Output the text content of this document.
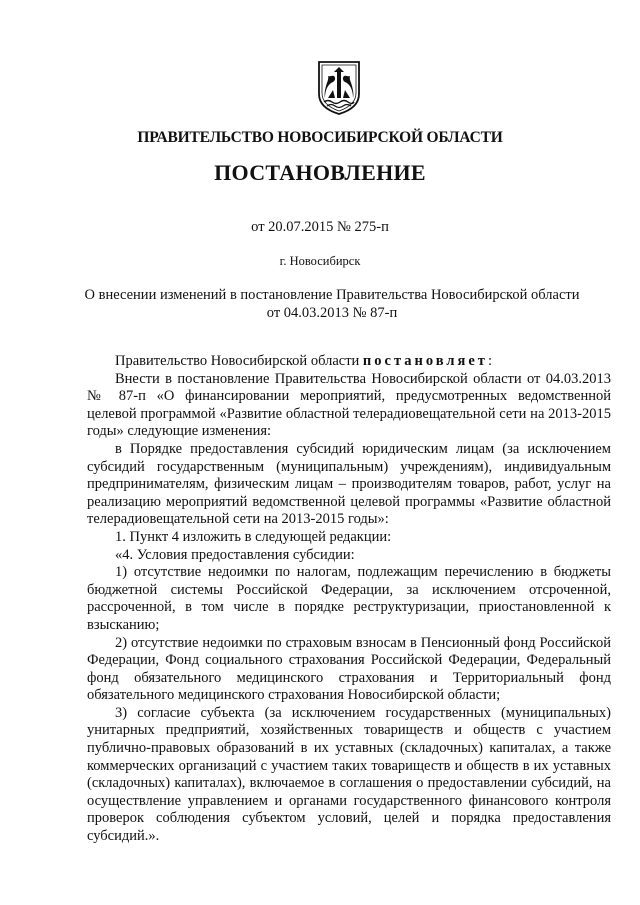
ПРАВИТЕЛЬСТВО НОВОСИБИРСКОЙ ОБЛАСТИ
ПОСТАНОВЛЕНИЕ
от 20.07.2015 № 275-п
г. Новосибирск
О внесении изменений в постановление Правительства Новосибирской области
от 04.03.2013 № 87-п

Правительство Новосибирской области постановляет:

Внести в постановление Правительства Новосибирской области от 04.03.2013 № 87-п «О финансировании мероприятий, предусмотренных ведомственной целевой программой «Развитие областной телерадиовещательной сети на 2013-2015 годы» следующие изменения:

в Порядке предоставления субсидий юридическим лицам (за исключением субсидий государственным (муниципальным) учреждениям), индивидуальным предпринимателям, физическим лицам – производителям товаров, работ, услуг на реализацию мероприятий ведомственной целевой программы «Развитие областной телерадиовещательной сети на 2013-2015 годы»:

1. Пункт 4 изложить в следующей редакции:

«4. Условия предоставления субсидии:

1) отсутствие недоимки по налогам, подлежащим перечислению в бюджеты бюджетной системы Российской Федерации, за исключением отсроченной, рассроченной, в том числе в порядке реструктуризации, приостановленной к взысканию;

2) отсутствие недоимки по страховым взносам в Пенсионный фонд Российской Федерации, Фонд социального страхования Российской Федерации, Федеральный фонд обязательного медицинского страхования и Территориальный фонд обязательного медицинского страхования Новосибирской области;

3) согласие субъекта (за исключением государственных (муниципальных) унитарных предприятий, хозяйственных товариществ и обществ с участием публично-правовых образований в их уставных (складочных) капиталах, а также коммерческих организаций с участием таких товариществ и обществ в их уставных (складочных) капиталах), включаемое в соглашения о предоставлении субсидий, на осуществление управлением и органами государственного финансового контроля проверок соблюдения субъектом условий, целей и порядка предоставления субсидий.».
